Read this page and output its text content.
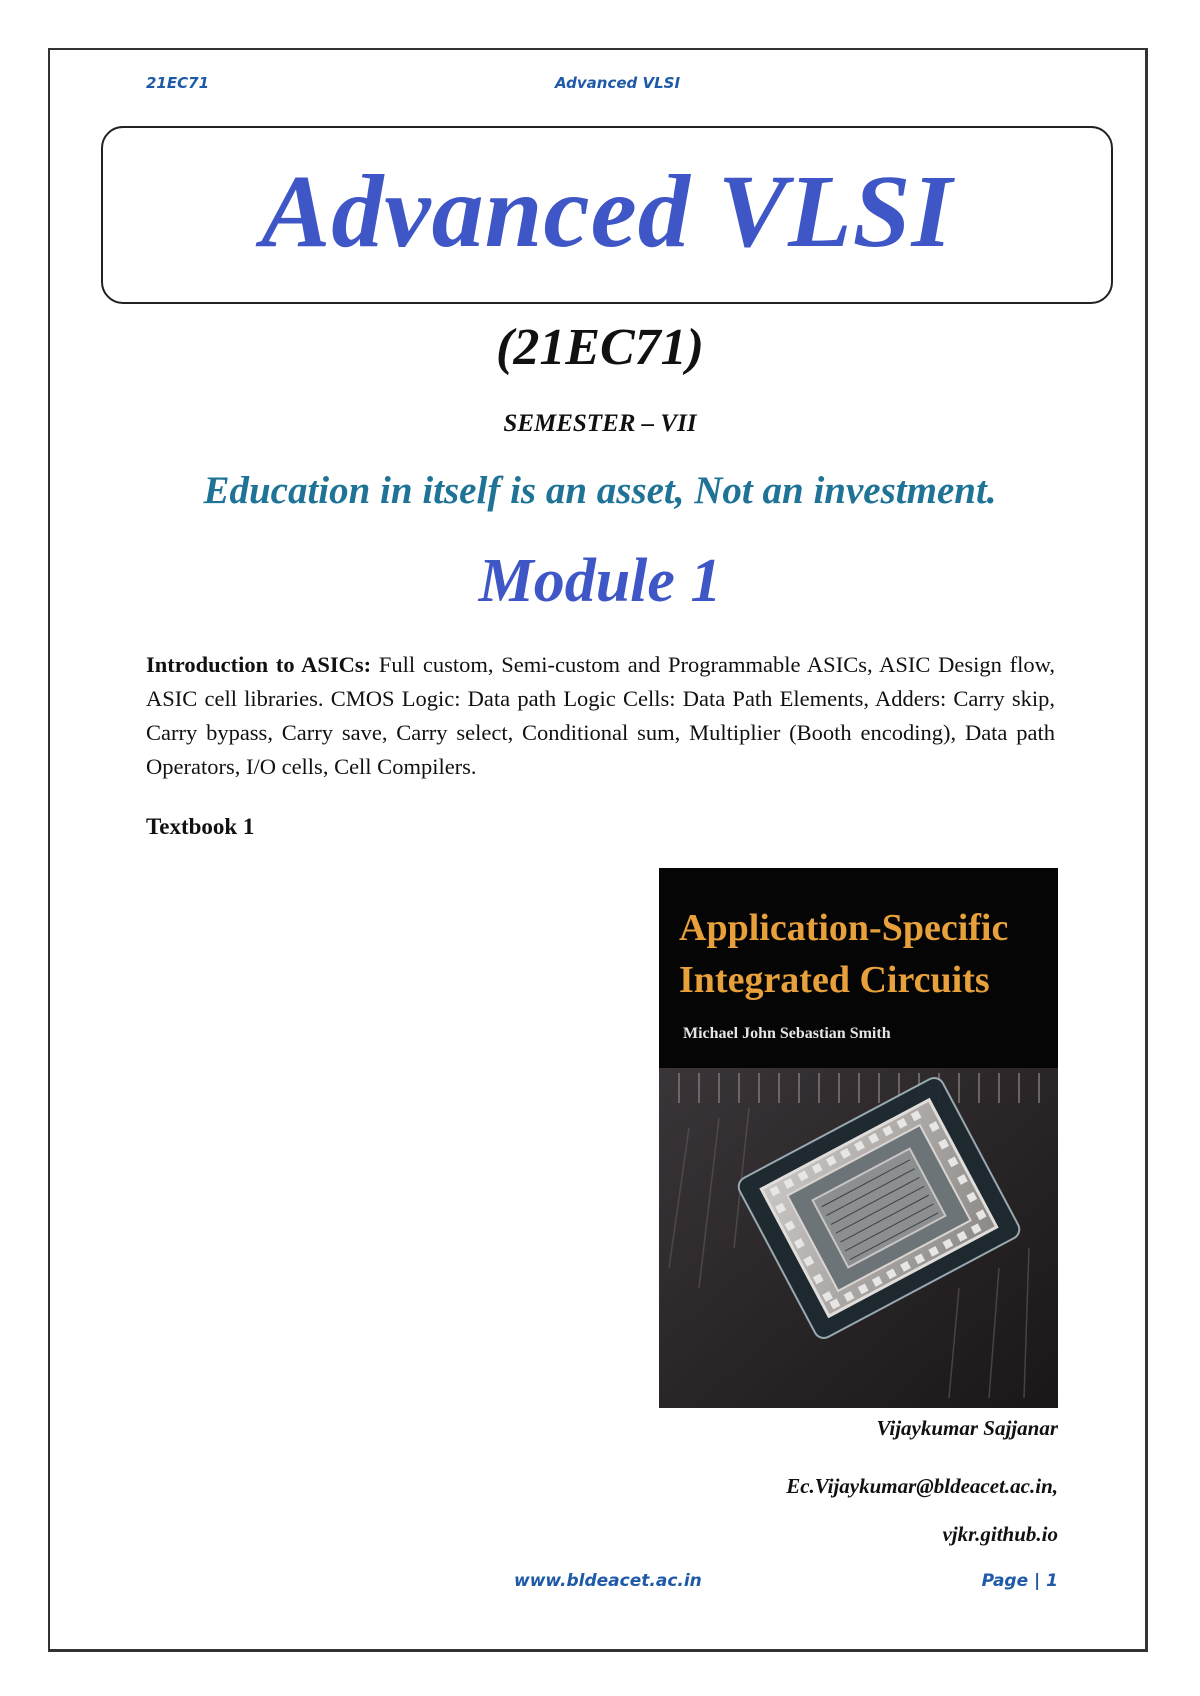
21EC71	Advanced VLSI
Advanced VLSI
(21EC71)
SEMESTER – VII
Education in itself is an asset, Not an investment.
Module 1
Introduction to ASICs: Full custom, Semi-custom and Programmable ASICs, ASIC Design flow, ASIC cell libraries. CMOS Logic: Data path Logic Cells: Data Path Elements, Adders: Carry skip, Carry bypass, Carry save, Carry select, Conditional sum, Multiplier (Booth encoding), Data path Operators, I/O cells, Cell Compilers.
Textbook 1
Application-Specific
Integrated Circuits
Michael John Sebastian Smith
Vijaykumar Sajjanar
Ec.Vijaykumar@bldeacet.ac.in,
vjkr.github.io
www.bldeacet.ac.in	Page | 1
